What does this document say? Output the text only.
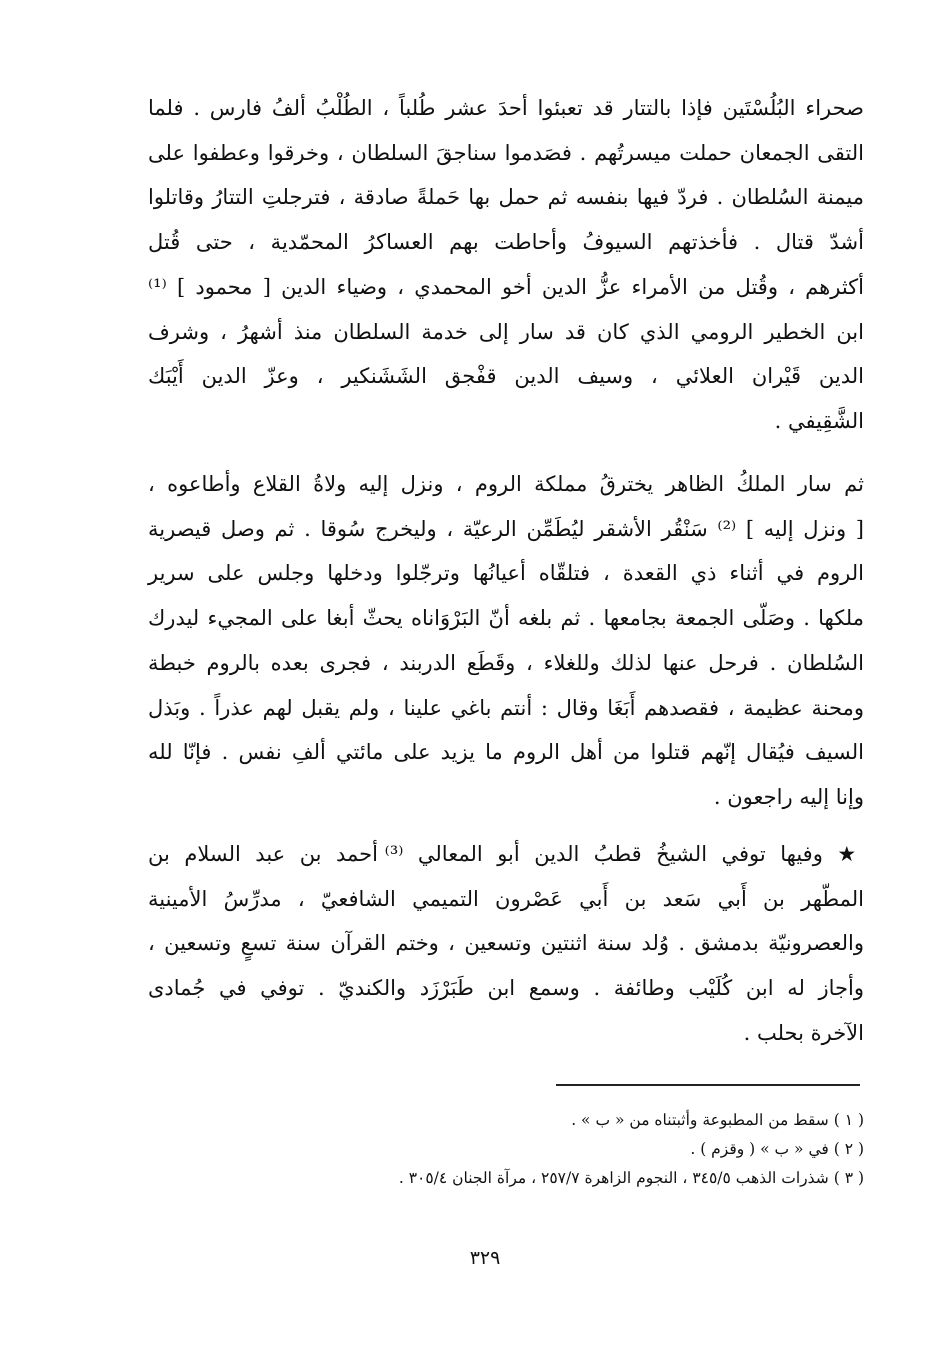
صحراء البُلُسْتَين فإذا بالتتار قد تعبئوا أحدَ عشر طُلباً ، الطُلْبُ ألفُ فارس . فلما
التقى الجمعان حملت ميسرتُهم . فصَدموا سناجقَ السلطان ، وخرقوا وعطفوا على
ميمنة السُلطان . فردّ فيها بنفسه ثم حمل بها حَملةً صادقة ، فترجلتِ التتارُ وقاتلوا
أشدّ قتال . فأخذتهم السيوفُ وأحاطت بهم العساكرُ المحمّدية ، حتى قُتل
أكثرهم ، وقُتل من الأمراء عزُّ الدين أخو المحمدي ، وضياء الدين [ محمود ] ⁽¹⁾
ابن الخطير الرومي الذي كان قد سار إلى خدمة السلطان منذ أشهرُ ، وشرف
الدين قَيْران العلائي ، وسيف الدين قفْجق الشَشَنكير ، وعزّ الدين أَيْبَك
الشَّقِيفي .
ثم سار الملكُ الظاهر يخترقُ مملكة الروم ، ونزل إليه ولاةُ القلاع وأطاعوه ،
[ ونزل إليه ] ⁽²⁾ سَنْقُر الأشقر ليُطَمِّن الرعيّة ، وليخرج سُوقا . ثم وصل قيصرية
الروم في أثناء ذي القعدة ، فتلقّاه أعيانُها وترجّلوا ودخلها وجلس على سرير
ملكها . وصَلّى الجمعة بجامعها . ثم بلغه أنّ البَرْوَاناه يحثّ أبغا على المجيء ليدرك
السُلطان . فرحل عنها لذلك وللغلاء ، وقَطَع الدربند ، فجرى بعده بالروم خبطة
ومحنة عظيمة ، فقصدهم أَبَغَا وقال : أنتم باغي علينا ، ولم يقبل لهم عذراً . وبَذل
السيف فيُقال إنّهم قتلوا من أهل الروم ما يزيد على مائتي ألفِ نفس . فإنّا لله
وإنا إليه راجعون .
★ وفيها توفي الشيخُ قطبُ الدين أبو المعالي ⁽³⁾ أحمد بن عبد السلام بن
المطّهر بن أَبي سَعد بن أَبي عَصْرون التميمي الشافعيّ ، مدرِّسُ الأمينية
والعصرونيّة بدمشق . وُلد سنة اثنتين وتسعين ، وختم القرآن سنة تسعٍ وتسعين ،
وأجاز له ابن كُلَيْب وطائفة . وسمع ابن طَبَرْزَد والكنديّ . توفي في جُمادى
الآخرة بحلب .
( ١ ) سقط من المطبوعة وأثبتناه من « ب » .
( ٢ ) في « ب » ( وقزم ) .
( ٣ ) شذرات الذهب ٣٤٥/٥ ، النجوم الزاهرة ٢٥٧/٧ ، مرآة الجنان ٣٠٥/٤ .
٣٢٩
